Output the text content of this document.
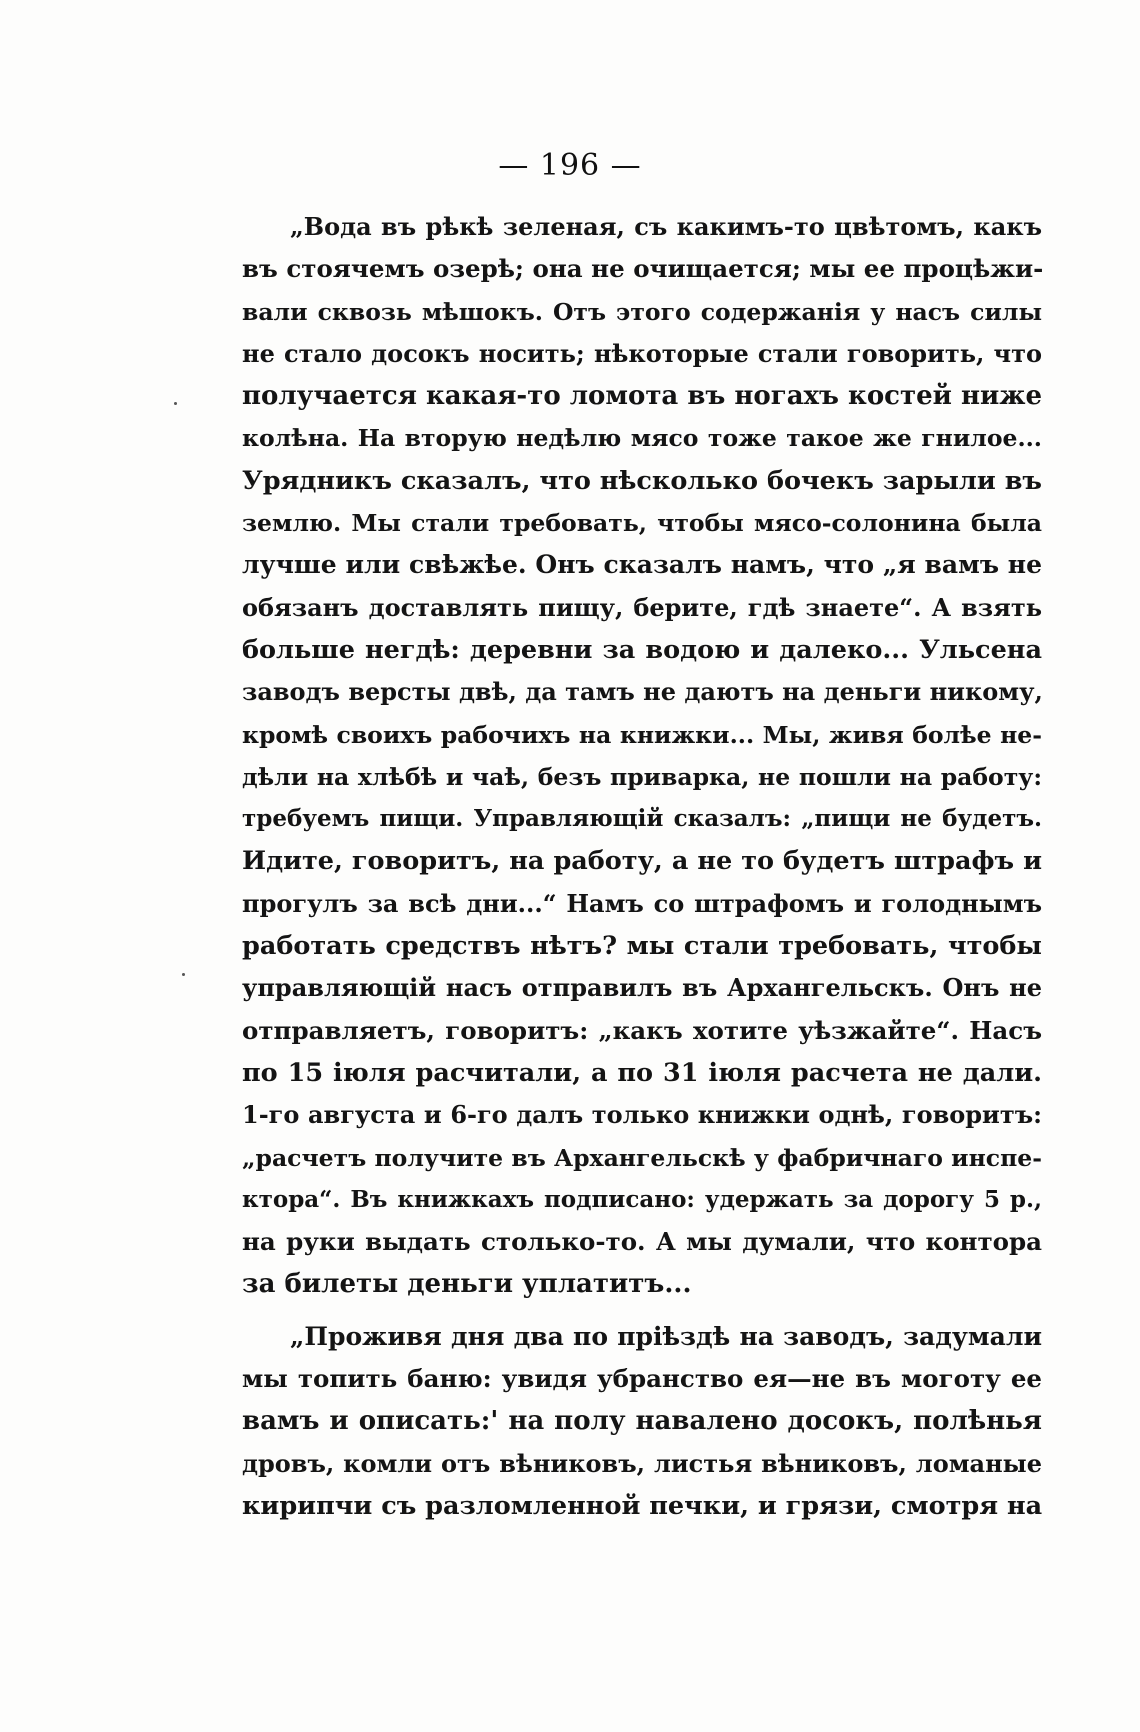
— 196 —
„Вода въ рѣкѣ зеленая, съ какимъ-то цвѣтомъ, какъ
въ стоячемъ озерѣ; она не очищается; мы ее процѣжи-
вали сквозь мѣшокъ. Отъ этого содержанія у насъ силы
не стало досокъ носить; нѣкоторые стали говорить, что
получается какая-то ломота въ ногахъ костей ниже
колѣна. На вторую недѣлю мясо тоже такое же гнилое...
Урядникъ сказалъ, что нѣсколько бочекъ зарыли въ
землю. Мы стали требовать, чтобы мясо-солонина была
лучше или свѣжѣе. Онъ сказалъ намъ, что „я вамъ не
обязанъ доставлять пищу, берите, гдѣ знаете“. А взять
больше негдѣ: деревни за водою и далеко... Ульсена
заводъ версты двѣ, да тамъ не даютъ на деньги никому,
кромѣ своихъ рабочихъ на книжки... Мы, живя болѣе не-
дѣли на хлѣбѣ и чаѣ, безъ приварка, не пошли на работу:
требуемъ пищи. Управляющій сказалъ: „пищи не будетъ.
Идите, говоритъ, на работу, а не то будетъ штрафъ и
прогулъ за всѣ дни...“ Намъ со штрафомъ и голоднымъ
работать средствъ нѣтъ? мы стали требовать, чтобы
управляющій насъ отправилъ въ Архангельскъ. Онъ не
отправляетъ, говоритъ: „какъ хотите уѣзжайте“. Насъ
по 15 іюля расчитали, а по 31 іюля расчета не дали.
1-го августа и 6-го далъ только книжки однѣ, говоритъ:
„расчетъ получите въ Архангельскѣ у фабричнаго инспе-
ктора“. Въ книжкахъ подписано: удержать за дорогу 5 р.,
на руки выдать столько-то. А мы думали, что контора
за билеты деньги уплатитъ...
„Проживя дня два по пріѣздѣ на заводъ, задумали
мы топить баню: увидя убранство ея—не въ моготу ее
вамъ и описать:' на полу навалено досокъ, полѣнья
дровъ, комли отъ вѣниковъ, листья вѣниковъ, ломаные
кирипчи съ разломленной печки, и грязи, смотря на
